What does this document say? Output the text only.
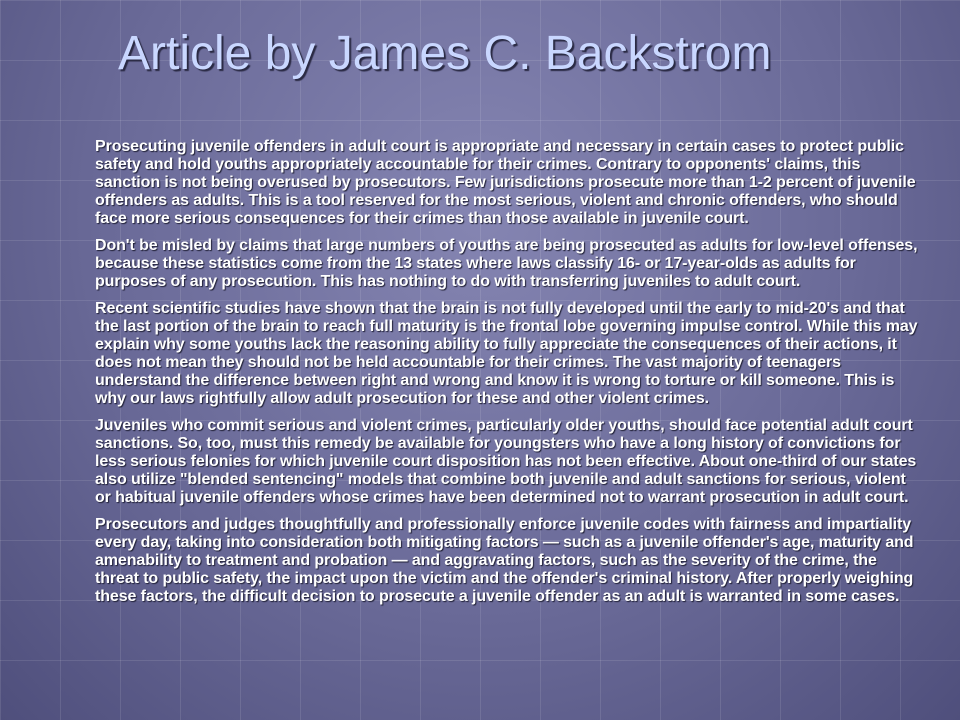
Article by James C. Backstrom

Prosecuting juvenile offenders in adult court is appropriate and necessary in certain cases to protect public safety and hold youths appropriately accountable for their crimes. Contrary to opponents' claims, this sanction is not being overused by prosecutors. Few jurisdictions prosecute more than 1-2 percent of juvenile offenders as adults. This is a tool reserved for the most serious, violent and chronic offenders, who should face more serious consequences for their crimes than those available in juvenile court.

Don't be misled by claims that large numbers of youths are being prosecuted as adults for low-level offenses, because these statistics come from the 13 states where laws classify 16- or 17-year-olds as adults for purposes of any prosecution. This has nothing to do with transferring juveniles to adult court.

Recent scientific studies have shown that the brain is not fully developed until the early to mid-20's and that the last portion of the brain to reach full maturity is the frontal lobe governing impulse control. While this may explain why some youths lack the reasoning ability to fully appreciate the consequences of their actions, it does not mean they should not be held accountable for their crimes. The vast majority of teenagers understand the difference between right and wrong and know it is wrong to torture or kill someone. This is why our laws rightfully allow adult prosecution for these and other violent crimes.

Juveniles who commit serious and violent crimes, particularly older youths, should face potential adult court sanctions. So, too, must this remedy be available for youngsters who have a long history of convictions for less serious felonies for which juvenile court disposition has not been effective. About one-third of our states also utilize "blended sentencing" models that combine both juvenile and adult sanctions for serious, violent or habitual juvenile offenders whose crimes have been determined not to warrant prosecution in adult court.

Prosecutors and judges thoughtfully and professionally enforce juvenile codes with fairness and impartiality every day, taking into consideration both mitigating factors — such as a juvenile offender's age, maturity and amenability to treatment and probation — and aggravating factors, such as the severity of the crime, the threat to public safety, the impact upon the victim and the offender's criminal history. After properly weighing these factors, the difficult decision to prosecute a juvenile offender as an adult is warranted in some cases.
